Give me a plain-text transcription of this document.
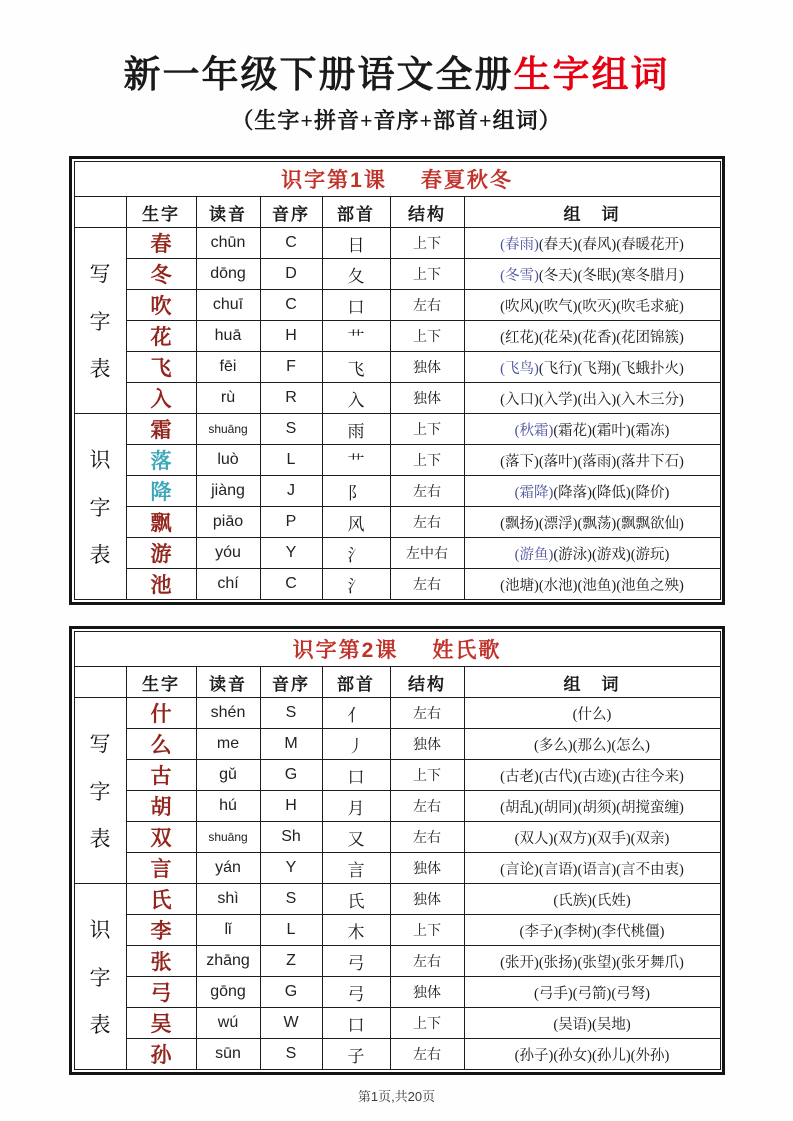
新一年级下册语文全册生字组词
（生字+拼音+音序+部首+组词）
识字第1课 春夏秋冬						
	生字	读音	音序	部首	结构	组　词

写
字
表	春	chūn	C	日	上下	(春雨)(春天)(春风)(春暖花开)
	冬	dōng	D	夂	上下	(冬雪)(冬天)(冬眠)(寒冬腊月)
	吹	chuī	C	口	左右	(吹风)(吹气)(吹灭)(吹毛求疵)
	花	huā	H	艹	上下	(红花)(花朵)(花香)(花团锦簇)
	飞	fēi	F	飞	独体	(飞鸟)(飞行)(飞翔)(飞蛾扑火)
	入	rù	R	入	独体	(入口)(入学)(出入)(入木三分)

识
字
表	霜	shuāng	S	雨	上下	(秋霜)(霜花)(霜叶)(霜冻)
	落	luò	L	艹	上下	(落下)(落叶)(落雨)(落井下石)
	降	jiàng	J	阝	左右	(霜降)(降落)(降低)(降价)
	飘	piāo	P	风	左右	(飘扬)(漂浮)(飘荡)(飘飘欲仙)
	游	yóu	Y	氵	左中右	(游鱼)(游泳)(游戏)(游玩)
	池	chí	C	氵	左右	(池塘)(水池)(池鱼)(池鱼之殃)
识字第2课 姓氏歌						
	生字	读音	音序	部首	结构	组　词

写
字
表	什	shén	S	亻	左右	(什么)
	么	me	M	丿	独体	(多么)(那么)(怎么)
	古	gǔ	G	口	上下	(古老)(古代)(古迹)(古往今来)
	胡	hú	H	月	左右	(胡乱)(胡同)(胡须)(胡搅蛮缠)
	双	shuāng	Sh	又	左右	(双人)(双方)(双手)(双亲)
	言	yán	Y	言	独体	(言论)(言语)(语言)(言不由衷)

识
字
表	氏	shì	S	氏	独体	(氏族)(氏姓)
	李	lǐ	L	木	上下	(李子)(李树)(李代桃僵)
	张	zhāng	Z	弓	左右	(张开)(张扬)(张望)(张牙舞爪)
	弓	gōng	G	弓	独体	(弓手)(弓箭)(弓弩)
	吴	wú	W	口	上下	(吴语)(吴地)
	孙	sūn	S	子	左右	(孙子)(孙女)(孙儿)(外孙)
第1页,共20页
